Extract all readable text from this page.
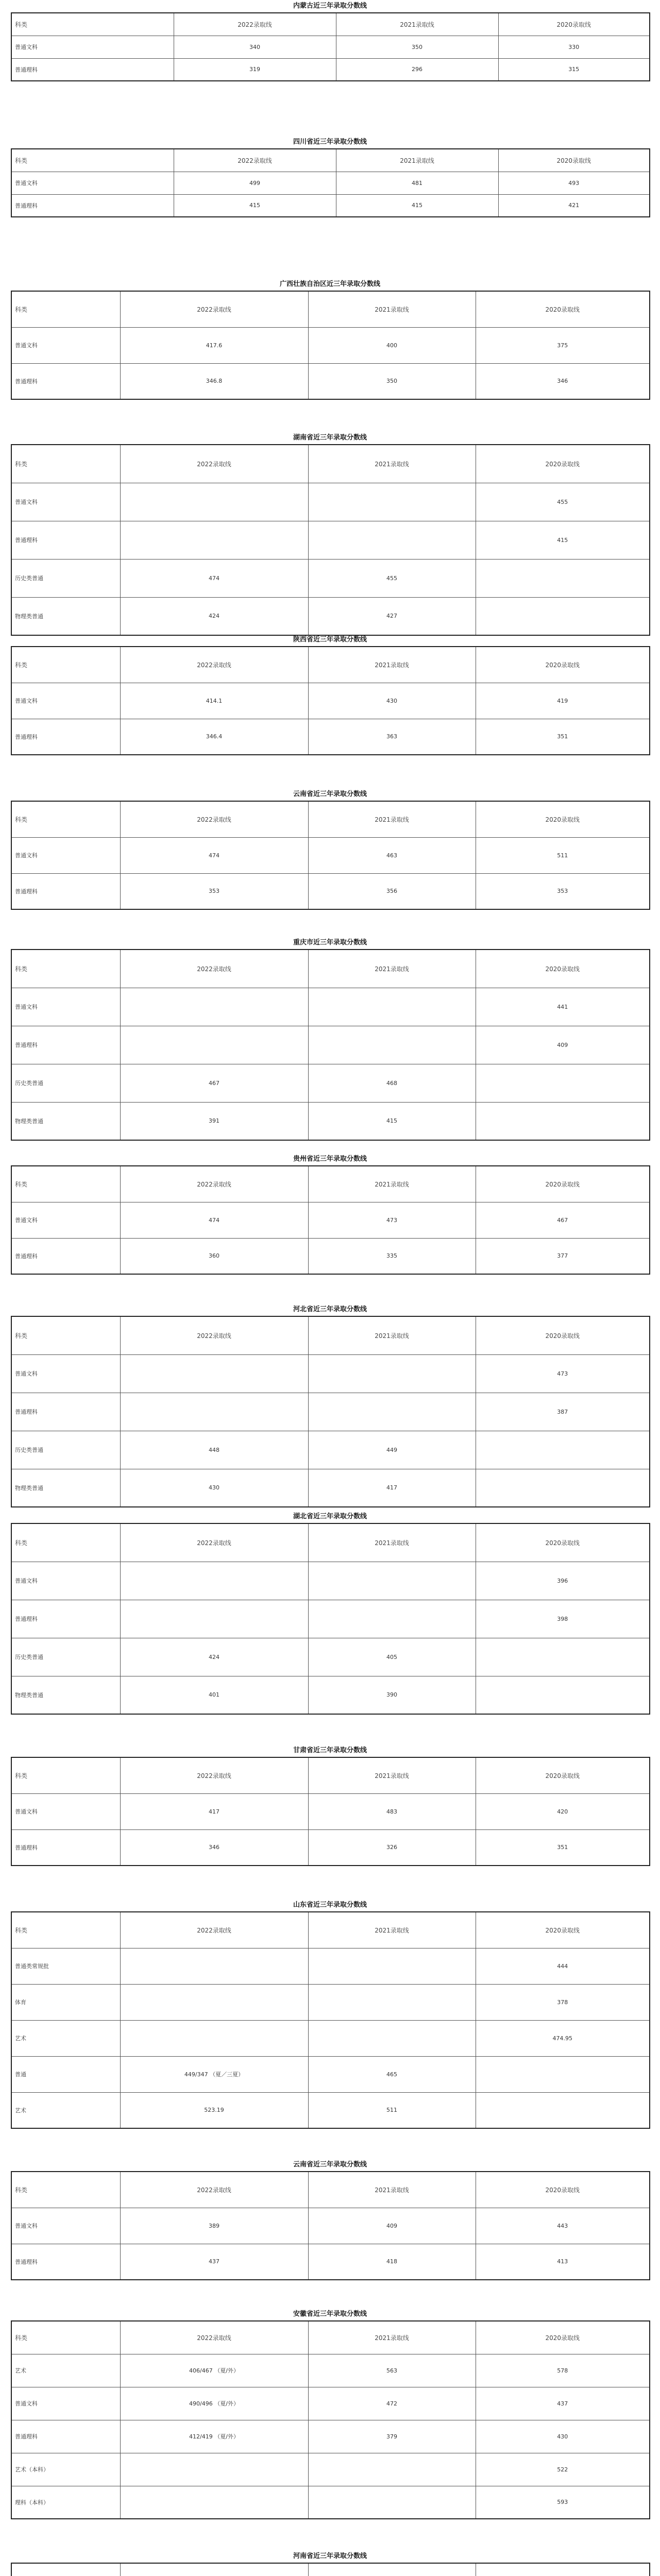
内蒙古近三年录取分数线
科类	2022录取线	2021录取线	2020录取线
普通文科	340	350	330
普通理科	319	296	315
四川省近三年录取分数线
科类	2022录取线	2021录取线	2020录取线
普通文科	499	481	493
普通理科	415	415	421
广西壮族自治区近三年录取分数线
科类	2022录取线	2021录取线	2020录取线
普通文科	417.6	400	375
普通理科	346.8	350	346
湖南省近三年录取分数线
科类	2022录取线	2021录取线	2020录取线
普通文科			455
普通理科			415
历史类普通	474	455	
物理类普通	424	427	
陕西省近三年录取分数线
科类	2022录取线	2021录取线	2020录取线
普通文科	414.1	430	419
普通理科	346.4	363	351
云南省近三年录取分数线
科类	2022录取线	2021录取线	2020录取线
普通文科	474	463	511
普通理科	353	356	353
重庆市近三年录取分数线
科类	2022录取线	2021录取线	2020录取线
普通文科			441
普通理科			409
历史类普通	467	468	
物理类普通	391	415	
贵州省近三年录取分数线
科类	2022录取线	2021录取线	2020录取线
普通文科	474	473	467
普通理科	360	335	377
河北省近三年录取分数线
科类	2022录取线	2021录取线	2020录取线
普通文科			473
普通理科			387
历史类普通	448	449	
物理类普通	430	417	
湖北省近三年录取分数线
科类	2022录取线	2021录取线	2020录取线
普通文科			396
普通理科			398
历史类普通	424	405	
物理类普通	401	390	
甘肃省近三年录取分数线
科类	2022录取线	2021录取线	2020录取线
普通文科	417	483	420
普通理科	346	326	351
山东省近三年录取分数线
科类	2022录取线	2021录取线	2020录取线
普通类常规批			444
体育			378
艺术			474.95
普通	449/347 （夏／三夏）	465	
艺术	523.19	511	
云南省近三年录取分数线
科类	2022录取线	2021录取线	2020录取线
普通文科	389	409	443
普通理科	437	418	413
安徽省近三年录取分数线
科类	2022录取线	2021录取线	2020录取线
艺术	406/467 （夏/外）	563	578
普通文科	490/496 （夏/外）	472	437
普通理科	412/419 （夏/外）	379	430
艺术（本科）			522
理科（本科）			593
河南省近三年录取分数线
